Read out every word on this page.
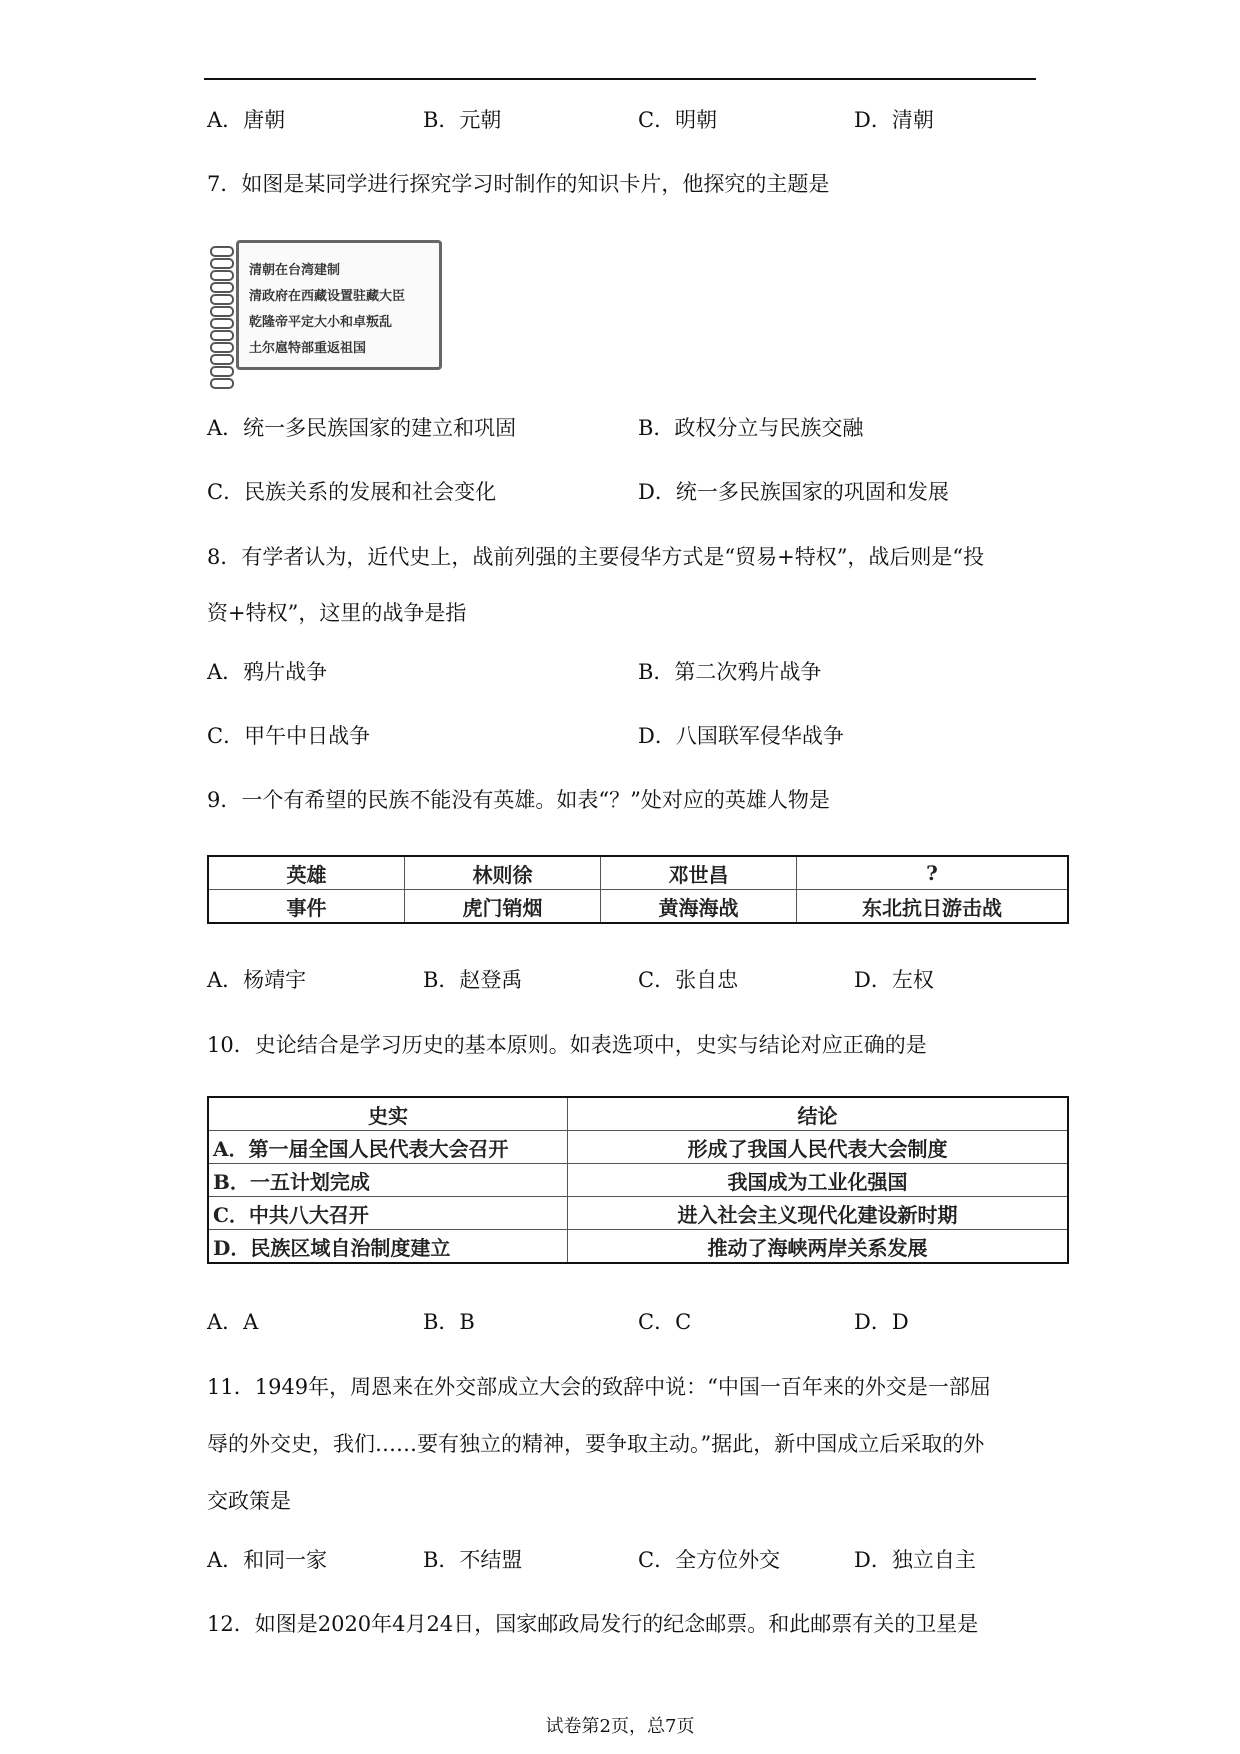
A．唐朝	B．元朝	C．明朝	D．清朝
7．如图是某同学进行探究学习时制作的知识卡片，他探究的主题是
清朝在台湾建制
清政府在西藏设置驻藏大臣
乾隆帝平定大小和卓叛乱
土尔扈特部重返祖国
A．统一多民族国家的建立和巩固	B．政权分立与民族交融
C．民族关系的发展和社会变化	D．统一多民族国家的巩固和发展
8．有学者认为，近代史上，战前列强的主要侵华方式是“贸易+特权”，战后则是“投
资+特权”，这里的战争是指
A．鸦片战争	B．第二次鸦片战争
C．甲午中日战争	D．八国联军侵华战争
9．一个有希望的民族不能没有英雄。如表“？”处对应的英雄人物是
英雄	林则徐	邓世昌	?
事件	虎门销烟	黄海海战	东北抗日游击战
A．杨靖宇	B．赵登禹	C．张自忠	D．左权
10．史论结合是学习历史的基本原则。如表选项中，史实与结论对应正确的是
史实	结论
A．第一届全国人民代表大会召开	形成了我国人民代表大会制度
B．一五计划完成	我国成为工业化强国
C．中共八大召开	进入社会主义现代化建设新时期
D．民族区域自治制度建立	推动了海峡两岸关系发展
A．A	B．B	C．C	D．D
11．1949年，周恩来在外交部成立大会的致辞中说：“中国一百年来的外交是一部屈
辱的外交史，我们……要有独立的精神，要争取主动。”据此，新中国成立后采取的外
交政策是
A．和同一家	B．不结盟	C．全方位外交	D．独立自主
12．如图是2020年4月24日，国家邮政局发行的纪念邮票。和此邮票有关的卫星是
试卷第2页，总7页
